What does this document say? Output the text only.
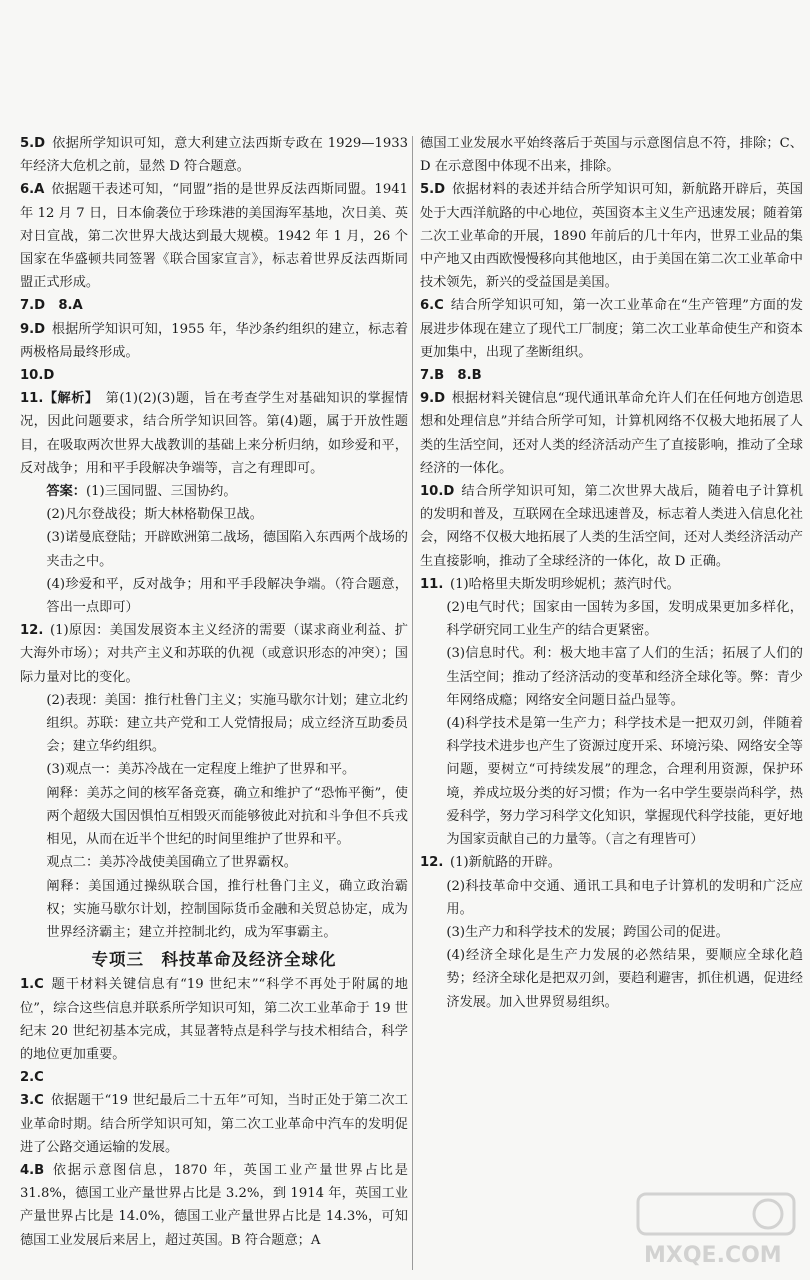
5.D  依据所学知识可知，意大利建立法西斯专政在 1929—1933 年经济大危机之前，显然 D 符合题意。

6.A  依据题干表述可知，“同盟”指的是世界反法西斯同盟。1941 年 12 月 7 日，日本偷袭位于珍珠港的美国海军基地，次日美、英对日宣战，第二次世界大战达到最大规模。1942 年 1 月，26 个国家在华盛顿共同签署《联合国家宣言》，标志着世界反法西斯同盟正式形成。

7.D　8.A 

9.D  根据所学知识可知，1955 年，华沙条约组织的建立，标志着两极格局最终形成。

10.D 

11.【解析】  第(1)(2)(3)题，旨在考查学生对基础知识的掌握情况，因此问题要求，结合所学知识回答。第(4)题，属于开放性题目，在吸取两次世界大战教训的基础上来分析归纳，如珍爱和平，反对战争；用和平手段解决争端等，言之有理即可。

答案：(1)三国同盟、三国协约。

(2)凡尔登战役；斯大林格勒保卫战。

(3)诺曼底登陆；开辟欧洲第二战场，德国陷入东西两个战场的夹击之中。

(4)珍爱和平，反对战争；用和平手段解决争端。（符合题意，答出一点即可）

12.  (1)原因：美国发展资本主义经济的需要（谋求商业利益、扩大海外市场）；对共产主义和苏联的仇视（或意识形态的冲突）；国际力量对比的变化。

(2)表现：美国：推行杜鲁门主义；实施马歇尔计划；建立北约组织。苏联：建立共产党和工人党情报局；成立经济互助委员会；建立华约组织。

(3)观点一：美苏冷战在一定程度上维护了世界和平。

阐释：美苏之间的核军备竞赛，确立和维护了“恐怖平衡”，使两个超级大国因惧怕互相毁灭而能够彼此对抗和斗争但不兵戎相见，从而在近半个世纪的时间里维护了世界和平。

观点二：美苏冷战使美国确立了世界霸权。

阐释：美国通过操纵联合国，推行杜鲁门主义，确立政治霸权；实施马歇尔计划，控制国际货币金融和关贸总协定，成为世界经济霸主；建立并控制北约，成为军事霸主。

专项三　科技革命及经济全球化

1.C  题干材料关键信息有“19 世纪末”“科学不再处于附属的地位”，综合这些信息并联系所学知识可知，第二次工业革命于 19 世纪末 20 世纪初基本完成，其显著特点是科学与技术相结合，科学的地位更加重要。

2.C 

3.C  依据题干“19 世纪最后二十五年”可知，当时正处于第二次工业革命时期。结合所学知识可知，第二次工业革命中汽车的发明促进了公路交通运输的发展。

4.B  依据示意图信息，1870 年，英国工业产量世界占比是 31.8%，德国工业产量世界占比是 3.2%，到 1914 年，英国工业产量世界占比是 14.0%，德国工业产量世界占比是 14.3%，可知德国工业发展后来居上，超过英国。B 符合题意；A

德国工业发展水平始终落后于英国与示意图信息不符，排除；C、D 在示意图中体现不出来，排除。

5.D  依据材料的表述并结合所学知识可知，新航路开辟后，英国处于大西洋航路的中心地位，英国资本主义生产迅速发展；随着第二次工业革命的开展，1890 年前后的几十年内，世界工业品的集中产地又由西欧慢慢移向其他地区，由于美国在第二次工业革命中技术领先，新兴的受益国是美国。

6.C  结合所学知识可知，第一次工业革命在“生产管理”方面的发展进步体现在建立了现代工厂制度；第二次工业革命使生产和资本更加集中，出现了垄断组织。

7.B　8.B 

9.D  根据材料关键信息“现代通讯革命允许人们在任何地方创造思想和处理信息”并结合所学可知，计算机网络不仅极大地拓展了人类的生活空间，还对人类的经济活动产生了直接影响，推动了全球经济的一体化。

10.D  结合所学知识可知，第二次世界大战后，随着电子计算机的发明和普及，互联网在全球迅速普及，标志着人类进入信息化社会，网络不仅极大地拓展了人类的生活空间，还对人类经济活动产生直接影响，推动了全球经济的一体化，故 D 正确。

11.  (1)哈格里夫斯发明珍妮机；蒸汽时代。

(2)电气时代；国家由一国转为多国，发明成果更加多样化，科学研究同工业生产的结合更紧密。

(3)信息时代。利：极大地丰富了人们的生活；拓展了人们的生活空间；推动了经济活动的变革和经济全球化等。弊：青少年网络成瘾；网络安全问题日益凸显等。

(4)科学技术是第一生产力；科学技术是一把双刃剑，伴随着科学技术进步也产生了资源过度开采、环境污染、网络安全等问题，要树立“可持续发展”的理念，合理利用资源，保护环境，养成垃圾分类的好习惯；作为一名中学生要崇尚科学，热爱科学，努力学习科学文化知识，掌握现代科学技能，更好地为国家贡献自己的力量等。（言之有理皆可）

12.  (1)新航路的开辟。

(2)科技革命中交通、通讯工具和电子计算机的发明和广泛应用。

(3)生产力和科学技术的发展；跨国公司的促进。

(4)经济全球化是生产力发展的必然结果，要顺应全球化趋势；经济全球化是把双刃剑，要趋利避害，抓住机遇，促进经济发展。加入世界贸易组织。

MXQE.COM
